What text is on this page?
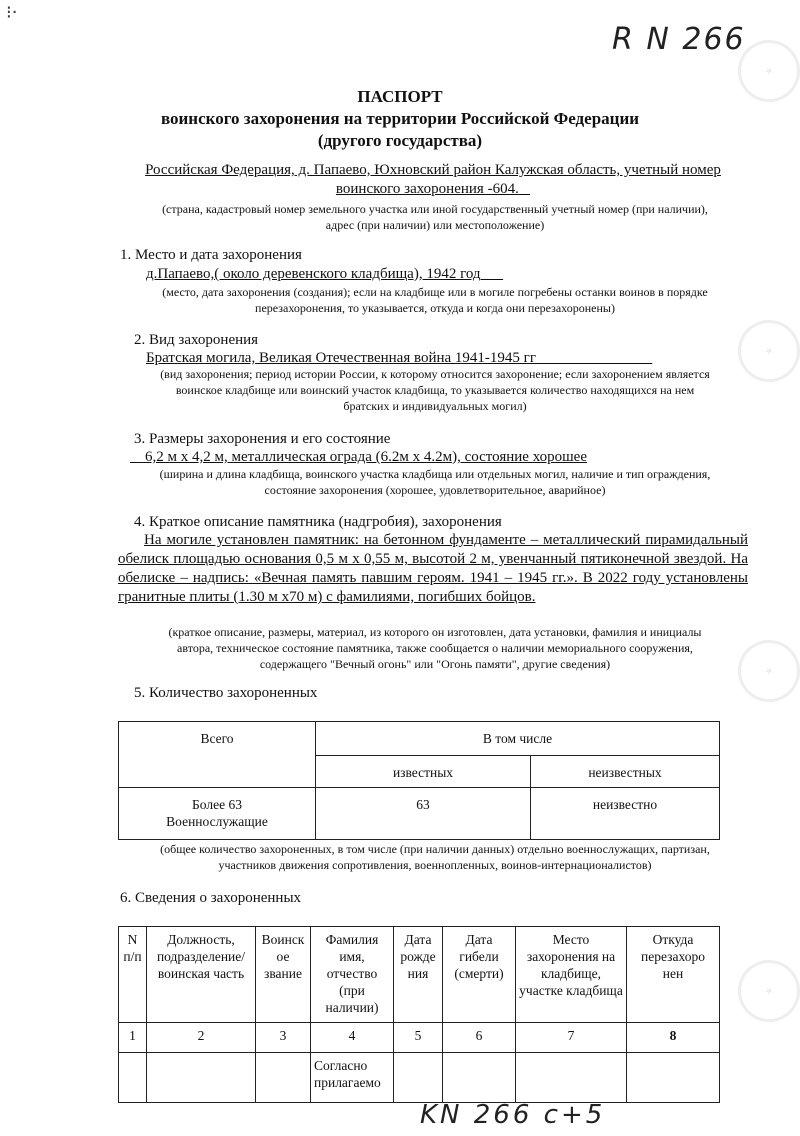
⁝·
R N 266
★
★
★
★
ПАСПОРТ
воинского захоронения на территории Российской Федерации
(другого государства)
Российская Федерация, д. Папаево, Юхновский район Калужская область, учетный номер
воинского захоронения -604.
(страна, кадастровый номер земельного участка или иной государственный учетный номер (при наличии),
адрес (при наличии) или местоположение)
1. Место и дата захоронения
д.Папаево,( около деревенского кладбища), 1942 год
(место, дата захоронения (создания); если на кладбище или в могиле погребены останки воинов в порядке
перезахоронения, то указывается, откуда и когда они перезахоронены)
2. Вид захоронения
Братская могила, Великая Отечественная война 1941-1945 гг
(вид захоронения; период истории России, к которому относится захоронение; если захоронением является
воинское кладбище или воинский участок кладбища, то указывается количество находящихся на нем
братских и индивидуальных могил)
3. Размеры захоронения и его состояние
6,2 м х 4,2 м, металлическая ограда (6.2м х 4.2м), состояние хорошее
(ширина и длина кладбища, воинского участка кладбища или отдельных могил, наличие и тип ограждения,
состояние захоронения (хорошее, удовлетворительное, аварийное)
4. Краткое описание памятника (надгробия), захоронения
На могиле установлен памятник: на бетонном фундаменте – металлический пирамидальный обелиск площадью основания 0,5 м х 0,55 м, высотой 2 м, увенчанный пятиконечной звездой. На обелиске – надпись: «Вечная память павшим героям. 1941 – 1945 гг.». В 2022 году установлены гранитные плиты (1.30 м х70 м) с фамилиями, погибших бойцов.
(краткое описание, размеры, материал, из которого он изготовлен, дата установки, фамилия и инициалы
автора, техническое состояние памятника, также сообщается о наличии мемориального сооружения,
содержащего "Вечный огонь" или "Огонь памяти", другие сведения)
5. Количество захороненных
Всего	В том числе	
	известных	неизвестных

Более 63
Военнослужащие	63	неизвестно
(общее количество захороненных, в том числе (при наличии данных) отдельно военнослужащих, партизан,
участников движения сопротивления, военнопленных, воинов-интернационалистов)
6. Сведения о захороненных
N п/п	Должность, подразделение/ воинская часть	Воинск ое звание	Фамилия имя, отчество (при наличии)	Дата рожде ния	Дата гибели (смерти)	Место захоронения на кладбище, участке кладбища	Откуда перезахоро нен
1	2	3	4	5	6	7	8
			Согласно прилагаемо				
KN 266 c+5
